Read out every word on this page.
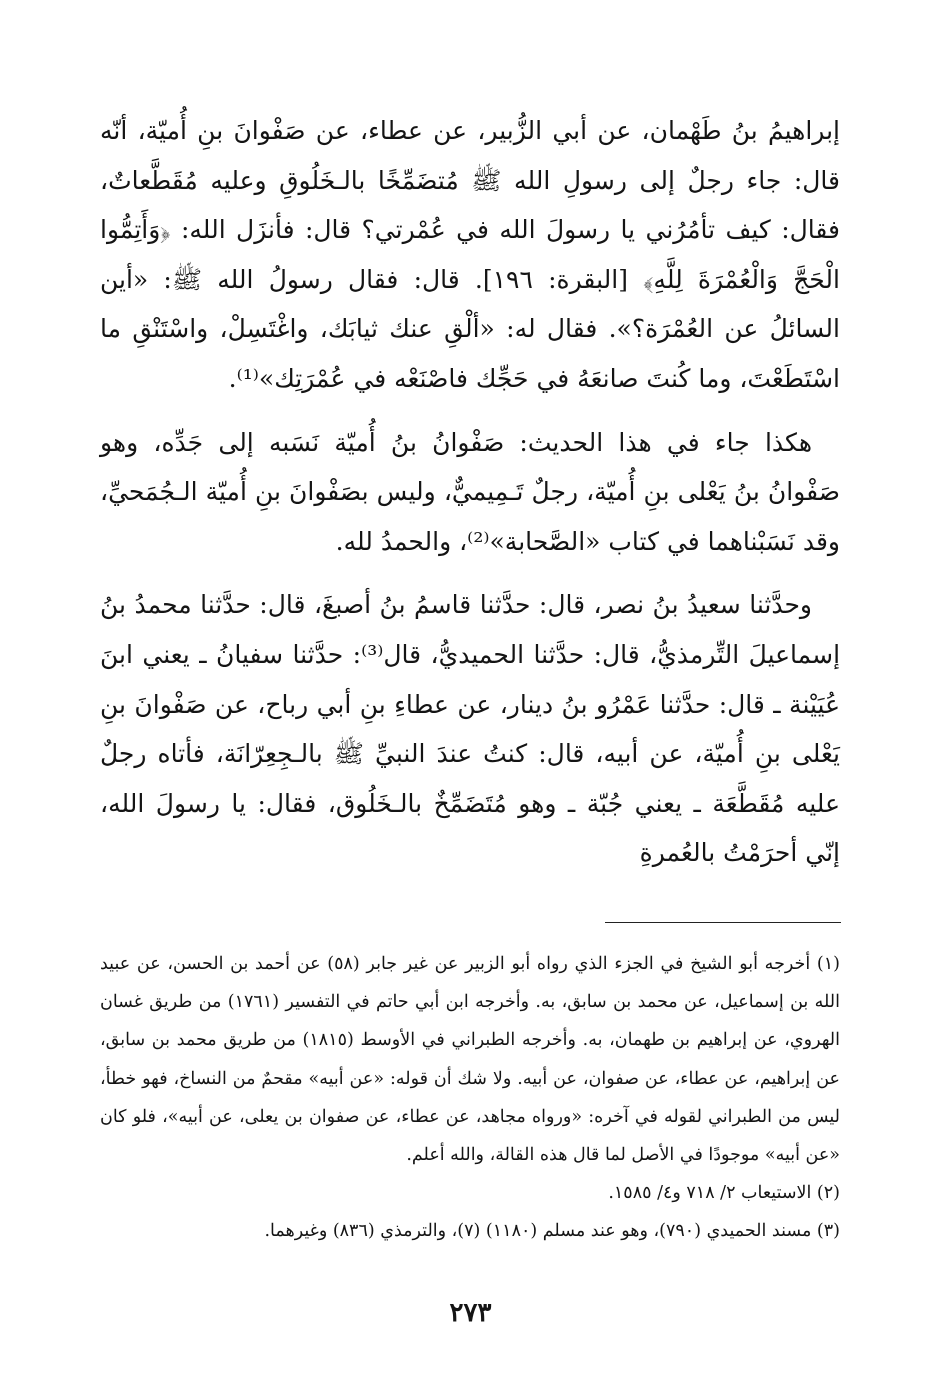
إبراهيمُ بنُ طَهْمان، عن أبي الزُّبير، عن عطاء، عن صَفْوانَ بنِ أُميّة، أنّه قال: جاء رجلٌ إلى رسولِ الله ﷺ مُتضَمِّخًا بالـخَلُوقِ وعليه مُقَطَّعاتٌ، فقال: كيف تأمُرُني يا رسولَ الله في عُمْرتي؟ قال: فأنزَل الله: ﴿وَأَتِمُّوا الْحَجَّ وَالْعُمْرَةَ لِلَّهِ﴾ [البقرة: ١٩٦]. قال: فقال رسولُ الله ﷺ: «أين السائلُ عن العُمْرَة؟». فقال له: «ألْقِ عنك ثيابَك، واغْتَسِلْ، واسْتَنْقِ ما اسْتَطَعْتَ، وما كُنتَ صانعَهُ في حَجِّك فاصْنَعْه في عُمْرَتِك»⁽¹⁾.

هكذا جاء في هذا الحديث: صَفْوانُ بنُ أُميّة نَسَبه إلى جَدِّه، وهو صَفْوانُ بنُ يَعْلى بنِ أُميّة، رجلٌ تَـمِيميٌّ، وليس بصَفْوانَ بنِ أُميّة الـجُمَحيِّ، وقد نَسَبْناهما في كتاب «الصَّحابة»⁽²⁾، والحمدُ لله.

وحدَّثنا سعيدُ بنُ نصر، قال: حدَّثنا قاسمُ بنُ أصبغَ، قال: حدَّثنا محمدُ بنُ إسماعيلَ التِّرمذيُّ، قال: حدَّثنا الحميديُّ، قال⁽³⁾: حدَّثنا سفيانُ ـ يعني ابنَ عُيَيْنة ـ قال: حدَّثنا عَمْرُو بنُ دينار، عن عطاءِ بنِ أبي رباح، عن صَفْوانَ بنِ يَعْلى بنِ أُميّة، عن أبيه، قال: كنتُ عندَ النبيِّ ﷺ بالـجِعِرّانَة، فأتاه رجلٌ عليه مُقَطَّعَة ـ يعني جُبّة ـ وهو مُتَضَمِّخٌ بالـخَلُوق، فقال: يا رسولَ الله، إنّي أحرَمْتُ بالعُمرةِ

(١) أخرجه أبو الشيخ في الجزء الذي رواه أبو الزبير عن غير جابر (٥٨) عن أحمد بن الحسن، عن عبيد الله بن إسماعيل، عن محمد بن سابق، به. وأخرجه ابن أبي حاتم في التفسير (١٧٦١) من طريق غسان الهروي، عن إبراهيم بن طهمان، به. وأخرجه الطبراني في الأوسط (١٨١٥) من طريق محمد بن سابق، عن إبراهيم، عن عطاء، عن صفوان، عن أبيه. ولا شك أن قوله: «عن أبيه» مقحمٌ من النساخ، فهو خطأ، ليس من الطبراني لقوله في آخره: «ورواه مجاهد، عن عطاء، عن صفوان بن يعلى، عن أبيه»، فلو كان «عن أبيه» موجودًا في الأصل لما قال هذه القالة، والله أعلم.

(٢) الاستيعاب ٢/ ٧١٨ و٤/ ١٥٨٥.

(٣) مسند الحميدي (٧٩٠)، وهو عند مسلم (١١٨٠) (٧)، والترمذي (٨٣٦) وغيرهما.

٢٧٣
